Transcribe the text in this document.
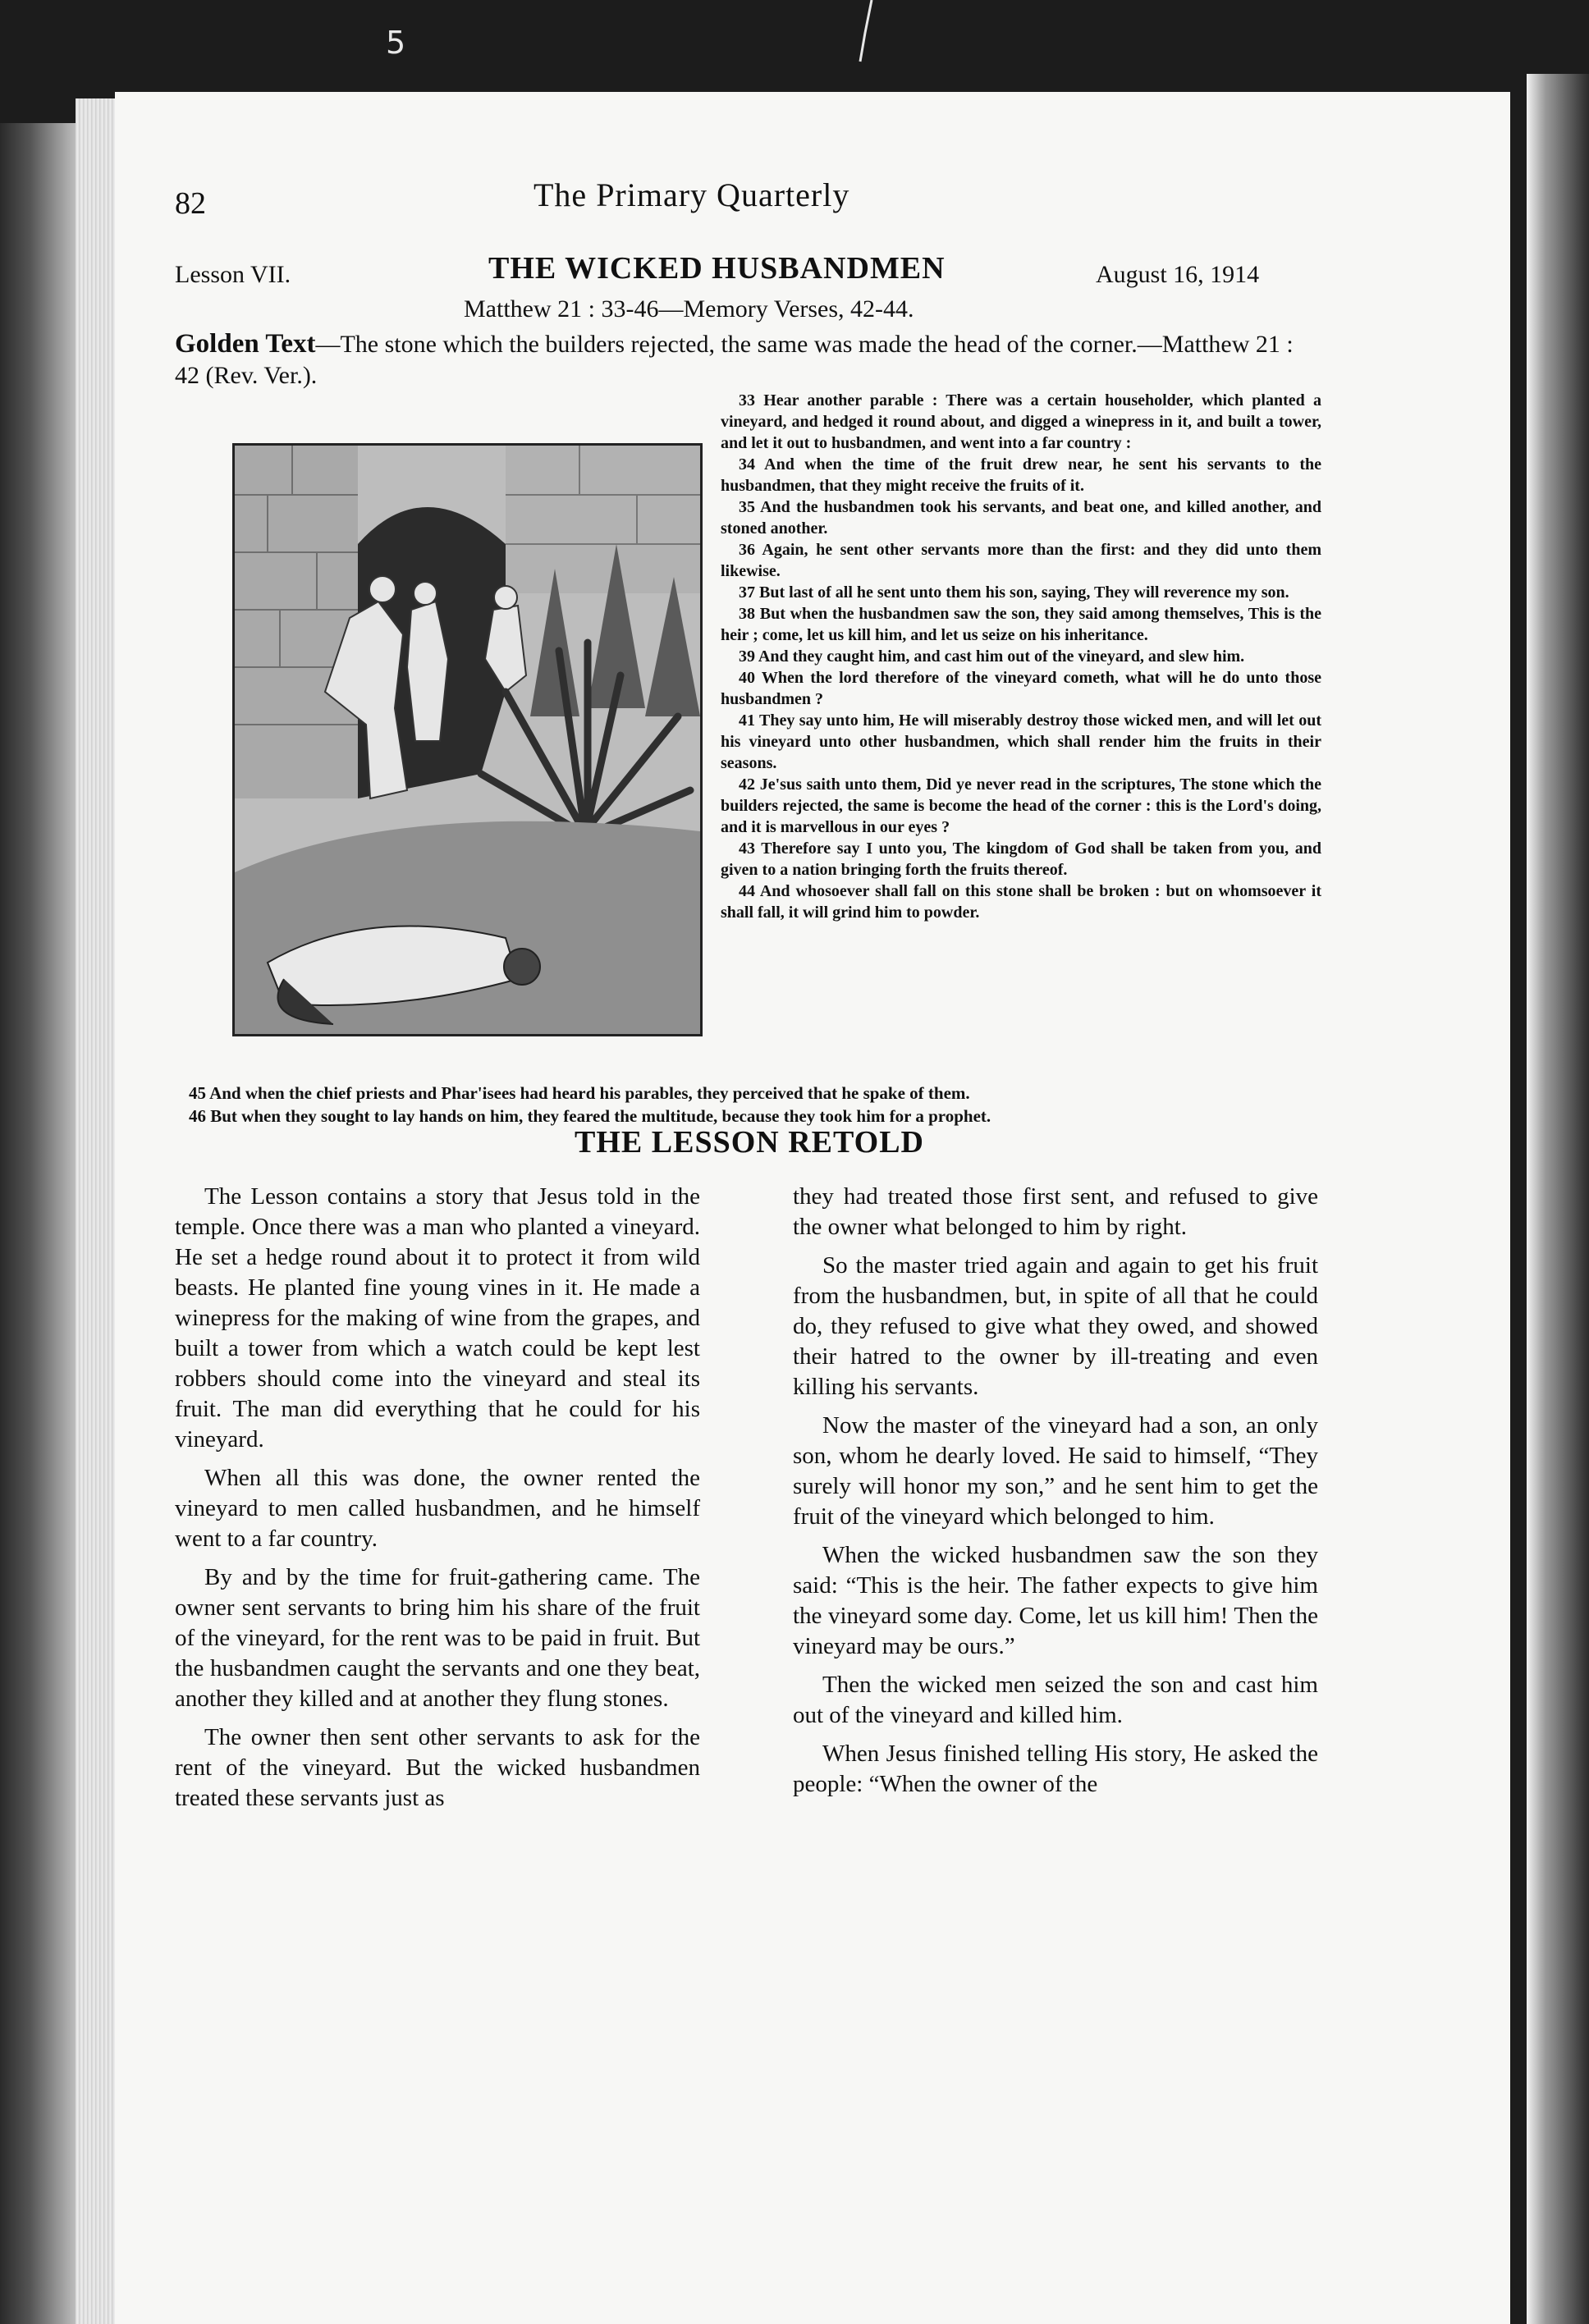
5
82	The Primary Quarterly
Lesson VII.	THE WICKED HUSBANDMEN	August 16, 1914
Matthew 21 : 33-46—Memory Verses, 42-44.
Golden Text—The stone which the builders rejected, the same was made the head of the corner.—Matthew 21 : 42 (Rev. Ver.).

33 Hear another parable : There was a certain householder, which planted a vineyard, and hedged it round about, and digged a winepress in it, and built a tower, and let it out to husbandmen, and went into a far country :

34 And when the time of the fruit drew near, he sent his servants to the husbandmen, that they might receive the fruits of it.

35 And the husbandmen took his servants, and beat one, and killed another, and stoned another.

36 Again, he sent other servants more than the first: and they did unto them likewise.

37 But last of all he sent unto them his son, saying, They will reverence my son.

38 But when the husbandmen saw the son, they said among themselves, This is the heir ; come, let us kill him, and let us seize on his inheritance.

39 And they caught him, and cast him out of the vineyard, and slew him.

40 When the lord therefore of the vineyard cometh, what will he do unto those husbandmen ?

41 They say unto him, He will miserably destroy those wicked men, and will let out his vineyard unto other husbandmen, which shall render him the fruits in their seasons.

42 Je'sus saith unto them, Did ye never read in the scriptures, The stone which the builders rejected, the same is become the head of the corner : this is the Lord's doing, and it is marvellous in our eyes ?

43 Therefore say I unto you, The kingdom of God shall be taken from you, and given to a nation bringing forth the fruits thereof.

44 And whosoever shall fall on this stone shall be broken : but on whomsoever it shall fall, it will grind him to powder.

45 And when the chief priests and Phar'isees had heard his parables, they perceived that he spake of them.

46 But when they sought to lay hands on him, they feared the multitude, because they took him for a prophet.

THE LESSON RETOLD

The Lesson contains a story that Jesus told in the temple. Once there was a man who planted a vineyard. He set a hedge round about it to protect it from wild beasts. He planted fine young vines in it. He made a winepress for the making of wine from the grapes, and built a tower from which a watch could be kept lest robbers should come into the vineyard and steal its fruit. The man did everything that he could for his vineyard.

When all this was done, the owner rented the vineyard to men called husbandmen, and he himself went to a far country.

By and by the time for fruit-gathering came. The owner sent servants to bring him his share of the fruit of the vineyard, for the rent was to be paid in fruit. But the husbandmen caught the servants and one they beat, another they killed and at another they flung stones.

The owner then sent other servants to ask for the rent of the vineyard. But the wicked husbandmen treated these servants just as

they had treated those first sent, and refused to give the owner what belonged to him by right.

So the master tried again and again to get his fruit from the husbandmen, but, in spite of all that he could do, they refused to give what they owed, and showed their hatred to the owner by ill-treating and even killing his servants.

Now the master of the vineyard had a son, an only son, whom he dearly loved. He said to himself, “They surely will honor my son,” and he sent him to get the fruit of the vineyard which belonged to him.

When the wicked husbandmen saw the son they said: “This is the heir. The father expects to give him the vineyard some day. Come, let us kill him! Then the vineyard may be ours.”

Then the wicked men seized the son and cast him out of the vineyard and killed him.

When Jesus finished telling His story, He asked the people: “When the owner of the
